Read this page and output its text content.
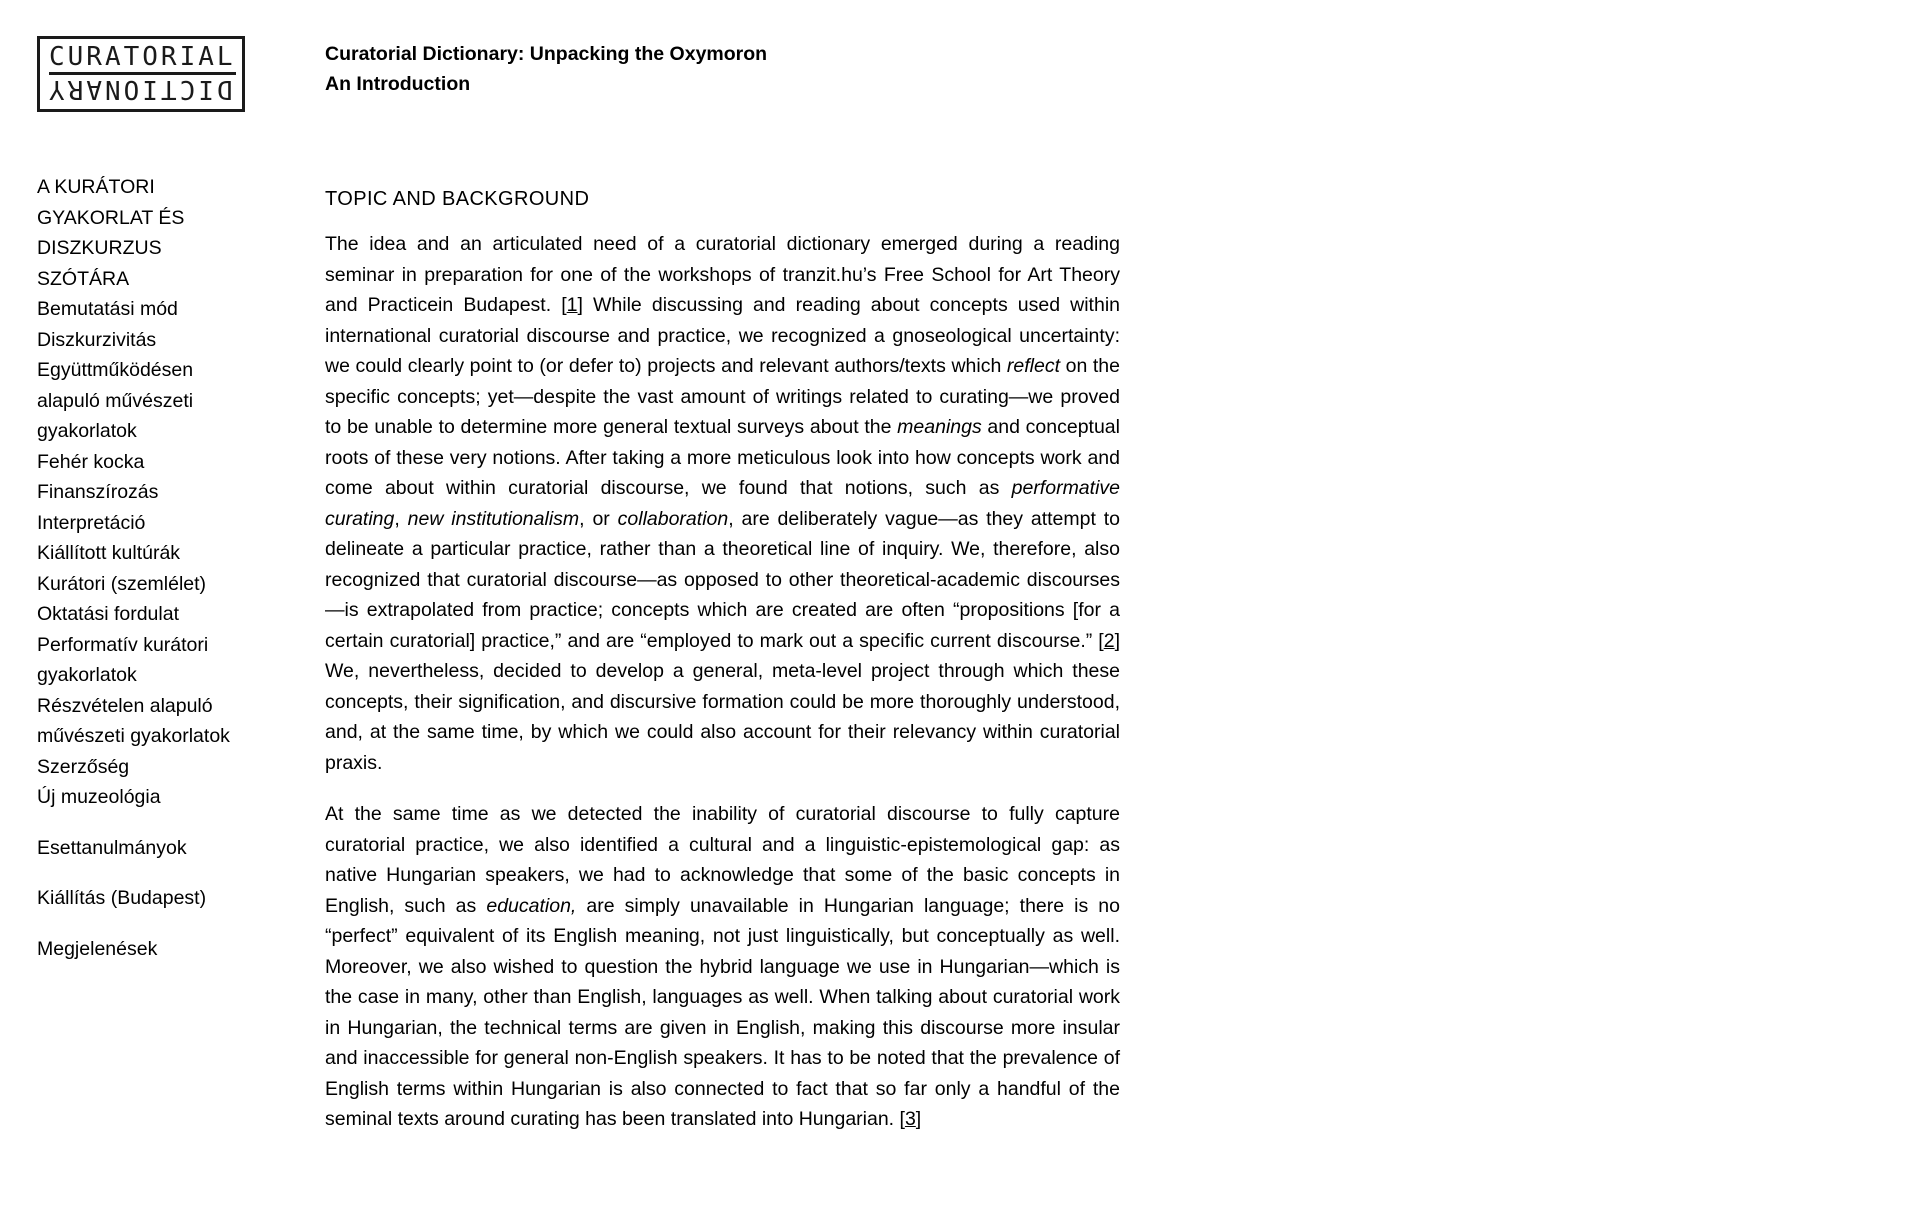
CURATORIAL
DICTIONARY
Curatorial Dictionary: Unpacking the Oxymoron
An Introduction
A KURÁTORI GYAKORLAT ÉS DISZKURZUS SZÓTÁRA
Bemutatási mód
Diszkurzivitás
Együttműködésen alapuló művészeti gyakorlatok
Fehér kocka
Finanszírozás
Interpretáció
Kiállított kultúrák
Kurátori (szemlélet)
Oktatási fordulat
Performatív kurátori gyakorlatok
Részvételen alapuló művészeti gyakorlatok
Szerzőség
Új muzeológia
Esettanulmányok
Kiállítás (Budapest)
Megjelenések
TOPIC AND BACKGROUND

The idea and an articulated need of a curatorial dictionary emerged during a reading seminar in preparation for one of the workshops of tranzit.hu’s Free School for Art Theory and Practicein Budapest. [1] While discussing and reading about concepts used within international curatorial discourse and practice, we recognized a gnoseological uncertainty: we could clearly point to (or defer to) projects and relevant authors/texts which reflect on the specific concepts; yet—despite the vast amount of writings related to curating—we proved to be unable to determine more general textual surveys about the meanings and conceptual roots of these very notions. After taking a more meticulous look into how concepts work and come about within curatorial discourse, we found that notions, such as performative curating, new institutionalism, or collaboration, are deliberately vague—as they attempt to delineate a particular practice, rather than a theoretical line of inquiry. We, therefore, also recognized that curatorial discourse—as opposed to other theoretical-academic discourses—is extrapolated from practice; concepts which are created are often “propositions [for a certain curatorial] practice,” and are “employed to mark out a specific current discourse.” [2] We, nevertheless, decided to develop a general, meta-level project through which these concepts, their signification, and discursive formation could be more thoroughly understood, and, at the same time, by which we could also account for their relevancy within curatorial praxis.

At the same time as we detected the inability of curatorial discourse to fully capture curatorial practice, we also identified a cultural and a linguistic-epistemological gap: as native Hungarian speakers, we had to acknowledge that some of the basic concepts in English, such as education, are simply unavailable in Hungarian language; there is no “perfect” equivalent of its English meaning, not just linguistically, but conceptually as well. Moreover, we also wished to question the hybrid language we use in Hungarian—which is the case in many, other than English, languages as well. When talking about curatorial work in Hungarian, the technical terms are given in English, making this discourse more insular and inaccessible for general non-English speakers. It has to be noted that the prevalence of English terms within Hungarian is also connected to fact that so far only a handful of the seminal texts around curating has been translated into Hungarian. [3]
